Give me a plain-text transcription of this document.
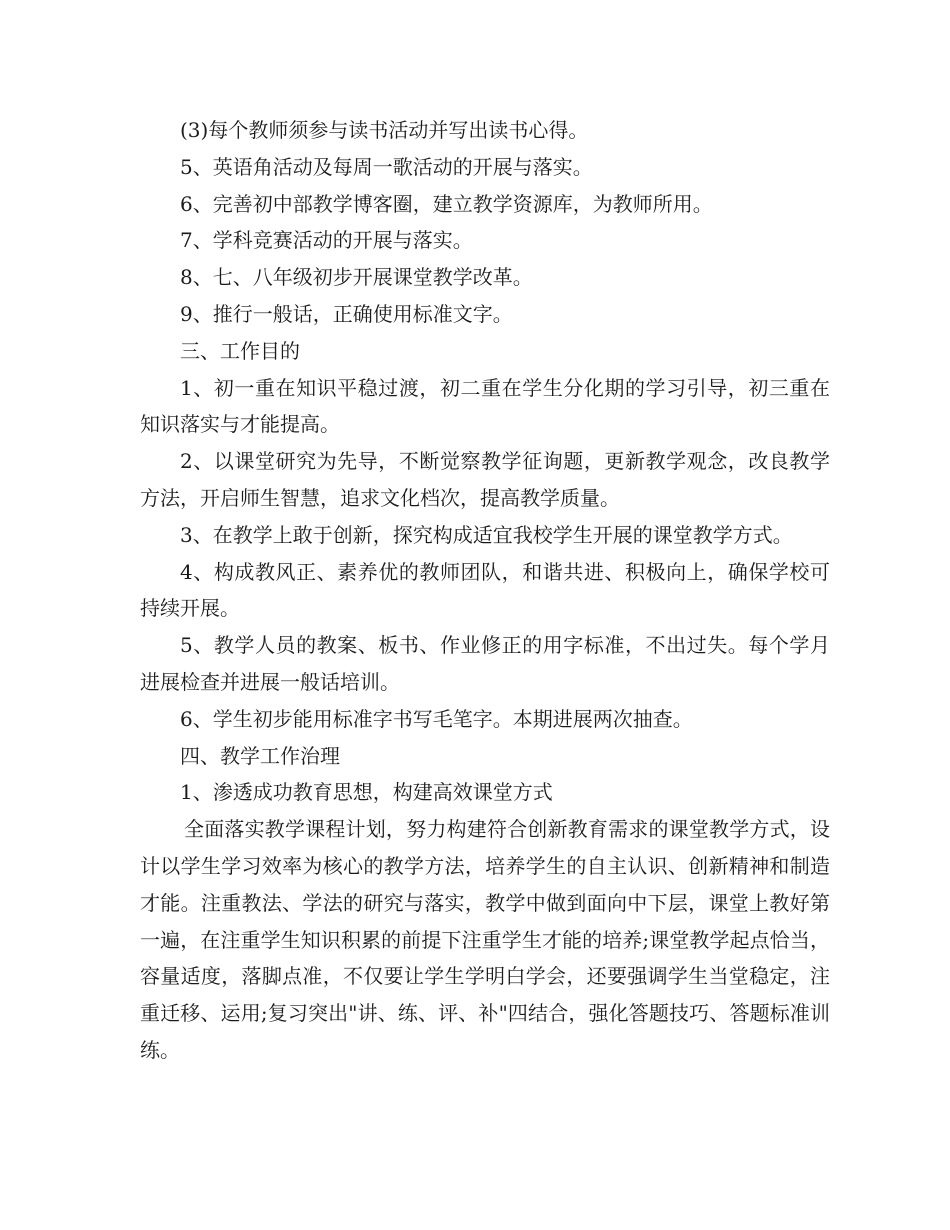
(3)每个教师须参与读书活动并写出读书心得。

5、英语角活动及每周一歌活动的开展与落实。

6、完善初中部教学博客圈，建立教学资源库，为教师所用。

7、学科竞赛活动的开展与落实。

8、七、八年级初步开展课堂教学改革。

9、推行一般话，正确使用标准文字。

三、工作目的

1、初一重在知识平稳过渡，初二重在学生分化期的学习引导，初三重在知识落实与才能提高。

2、以课堂研究为先导，不断觉察教学征询题，更新教学观念，改良教学方法，开启师生智慧，追求文化档次，提高教学质量。

3、在教学上敢于创新，探究构成适宜我校学生开展的课堂教学方式。

4、构成教风正、素养优的教师团队，和谐共进、积极向上，确保学校可持续开展。

5、教学人员的教案、板书、作业修正的用字标准，不出过失。每个学月进展检查并进展一般话培训。

6、学生初步能用标准字书写毛笔字。本期进展两次抽查。

四、教学工作治理

1、渗透成功教育思想，构建高效课堂方式

全面落实教学课程计划，努力构建符合创新教育需求的课堂教学方式，设计以学生学习效率为核心的教学方法，培养学生的自主认识、创新精神和制造才能。注重教法、学法的研究与落实，教学中做到面向中下层，课堂上教好第一遍，在注重学生知识积累的前提下注重学生才能的培养;课堂教学起点恰当，容量适度，落脚点准，不仅要让学生学明白学会，还要强调学生当堂稳定，注重迁移、运用;复习突出"讲、练、评、补"四结合，强化答题技巧、答题标准训练。
